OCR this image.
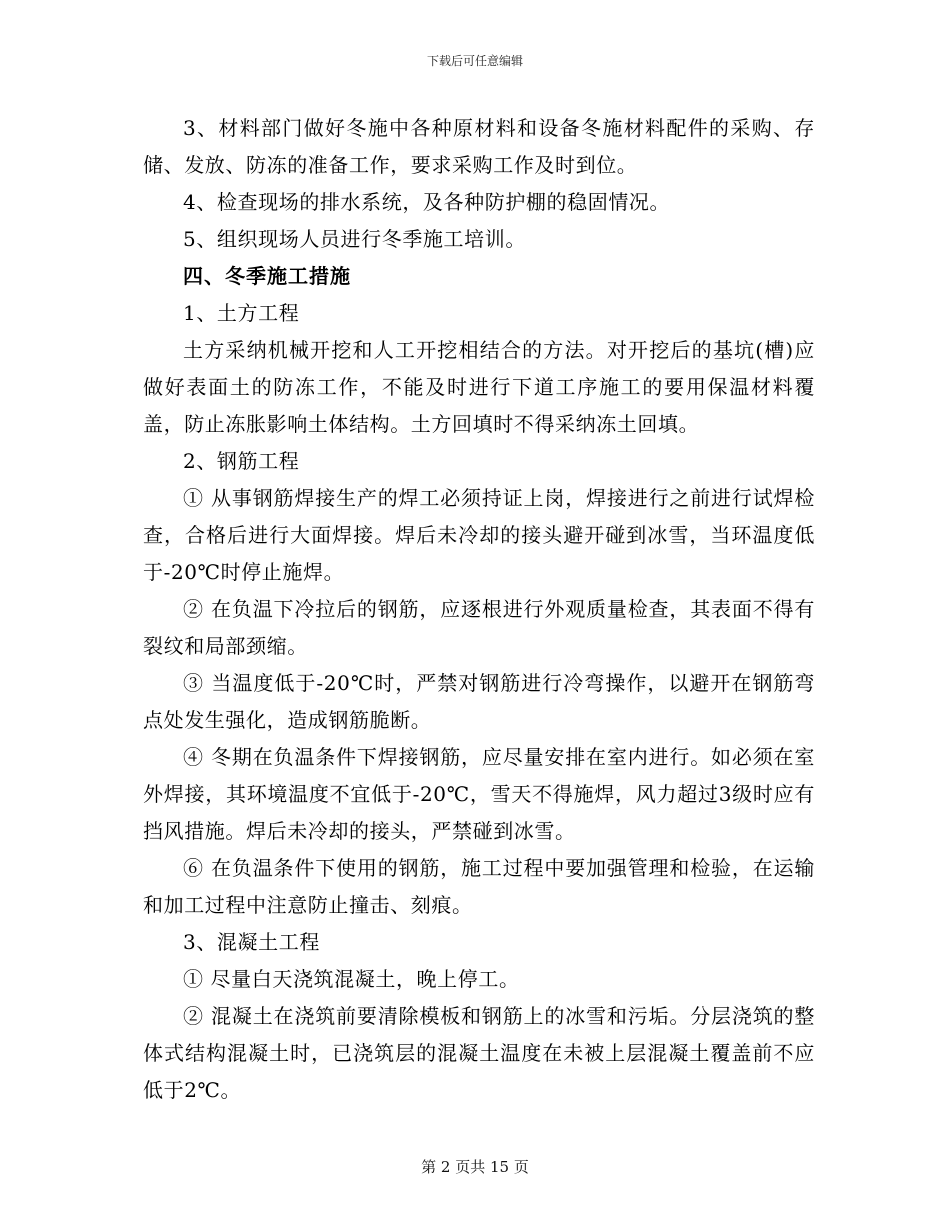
下载后可任意编辑

3、材料部门做好冬施中各种原材料和设备冬施材料配件的采购、存储、发放、防冻的准备工作，要求采购工作及时到位。

4、检查现场的排水系统，及各种防护棚的稳固情况。

5、组织现场人员进行冬季施工培训。

四、冬季施工措施

1、土方工程

土方采纳机械开挖和人工开挖相结合的方法。对开挖后的基坑(槽)应做好表面土的防冻工作，不能及时进行下道工序施工的要用保温材料覆盖，防止冻胀影响土体结构。土方回填时不得采纳冻土回填。

2、钢筋工程

① 从事钢筋焊接生产的焊工必须持证上岗，焊接进行之前进行试焊检查，合格后进行大面焊接。焊后未冷却的接头避开碰到冰雪，当环温度低于-20℃时停止施焊。

② 在负温下冷拉后的钢筋，应逐根进行外观质量检查，其表面不得有裂纹和局部颈缩。

③ 当温度低于-20℃时，严禁对钢筋进行冷弯操作，以避开在钢筋弯点处发生强化，造成钢筋脆断。

④ 冬期在负温条件下焊接钢筋，应尽量安排在室内进行。如必须在室外焊接，其环境温度不宜低于-20℃，雪天不得施焊，风力超过3级时应有挡风措施。焊后未冷却的接头，严禁碰到冰雪。

⑥ 在负温条件下使用的钢筋，施工过程中要加强管理和检验，在运输和加工过程中注意防止撞击、刻痕。

3、混凝土工程

① 尽量白天浇筑混凝土，晚上停工。

② 混凝土在浇筑前要清除模板和钢筋上的冰雪和污垢。分层浇筑的整体式结构混凝土时，已浇筑层的混凝土温度在未被上层混凝土覆盖前不应低于2℃。

第 2 页共 15 页
